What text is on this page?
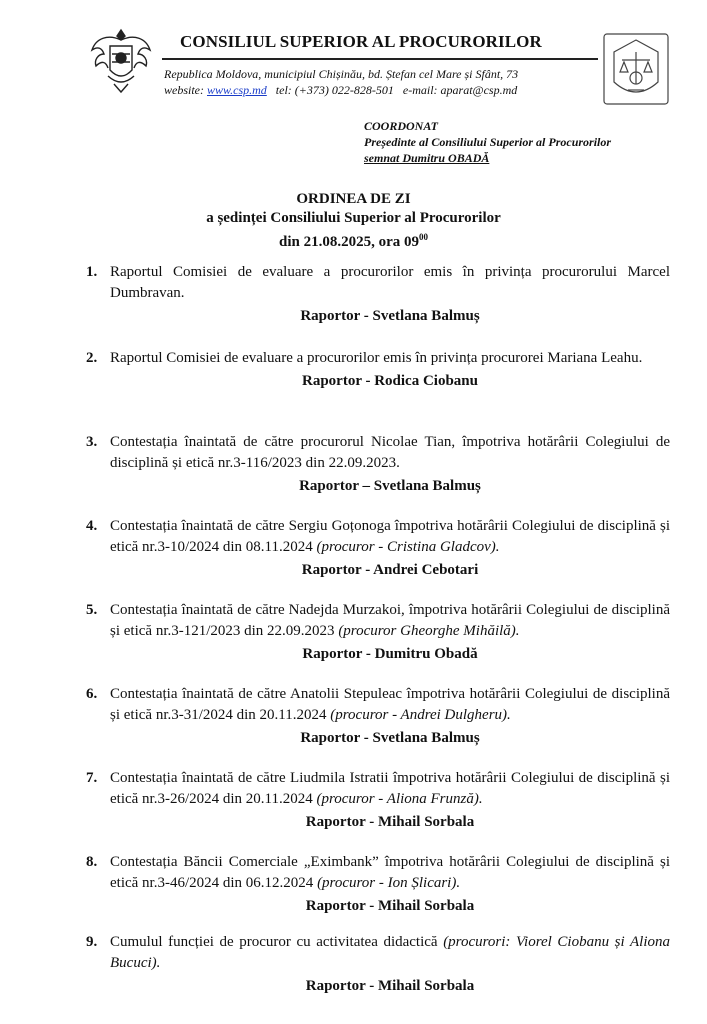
CONSILIUL SUPERIOR AL PROCURORILOR
Republica Moldova, municipiul Chișinău, bd. Ștefan cel Mare și Sfânt, 73
website: www.csp.md tel: (+373) 022-828-501 e-mail: aparat@csp.md
COORDONAT
Președinte al Consiliului Superior al Procurorilor
semnat Dumitru OBADĂ
ORDINEA DE ZI
a ședinței Consiliului Superior al Procurorilor
din 21.08.2025, ora $09^{00}$
1. Raportul Comisiei de evaluare a procurorilor emis în privința procurorului Marcel Dumbravan.
Raportor - Svetlana Balmuș
2. Raportul Comisiei de evaluare a procurorilor emis în privința procurorei Mariana Leahu.
Raportor - Rodica Ciobanu
3. Contestația înaintată de către procurorul Nicolae Tian, împotriva hotărârii Colegiului de disciplină și etică nr.3-116/2023 din 22.09.2023.
Raportor – Svetlana Balmuș
4. Contestația înaintată de către Sergiu Goțonoga împotriva hotărârii Colegiului de disciplină și etică nr.3-10/2024 din 08.11.2024 (procuror - Cristina Gladcov).
Raportor - Andrei Cebotari
5. Contestația înaintată de către Nadejda Murzakoi, împotriva hotărârii Colegiului de disciplină și etică nr.3-121/2023 din 22.09.2023 (procuror Gheorghe Mihăilă).
Raportor - Dumitru Obadă
6. Contestația înaintată de către Anatolii Stepuleac împotriva hotărârii Colegiului de disciplină și etică nr.3-31/2024 din 20.11.2024 (procuror - Andrei Dulgheru).
Raportor - Svetlana Balmuș
7. Contestația înaintată de către Liudmila Istratii împotriva hotărârii Colegiului de disciplină și etică nr.3-26/2024 din 20.11.2024 (procuror - Aliona Frunză).
Raportor - Mihail Sorbala
8. Contestația Băncii Comerciale „Eximbank” împotriva hotărârii Colegiului de disciplină și etică nr.3-46/2024 din 06.12.2024 (procuror - Ion Șlicari).
Raportor - Mihail Sorbala
9. Cumulul funcției de procuror cu activitatea didactică (procurori: Viorel Ciobanu și Aliona Bucuci).
Raportor - Mihail Sorbala
